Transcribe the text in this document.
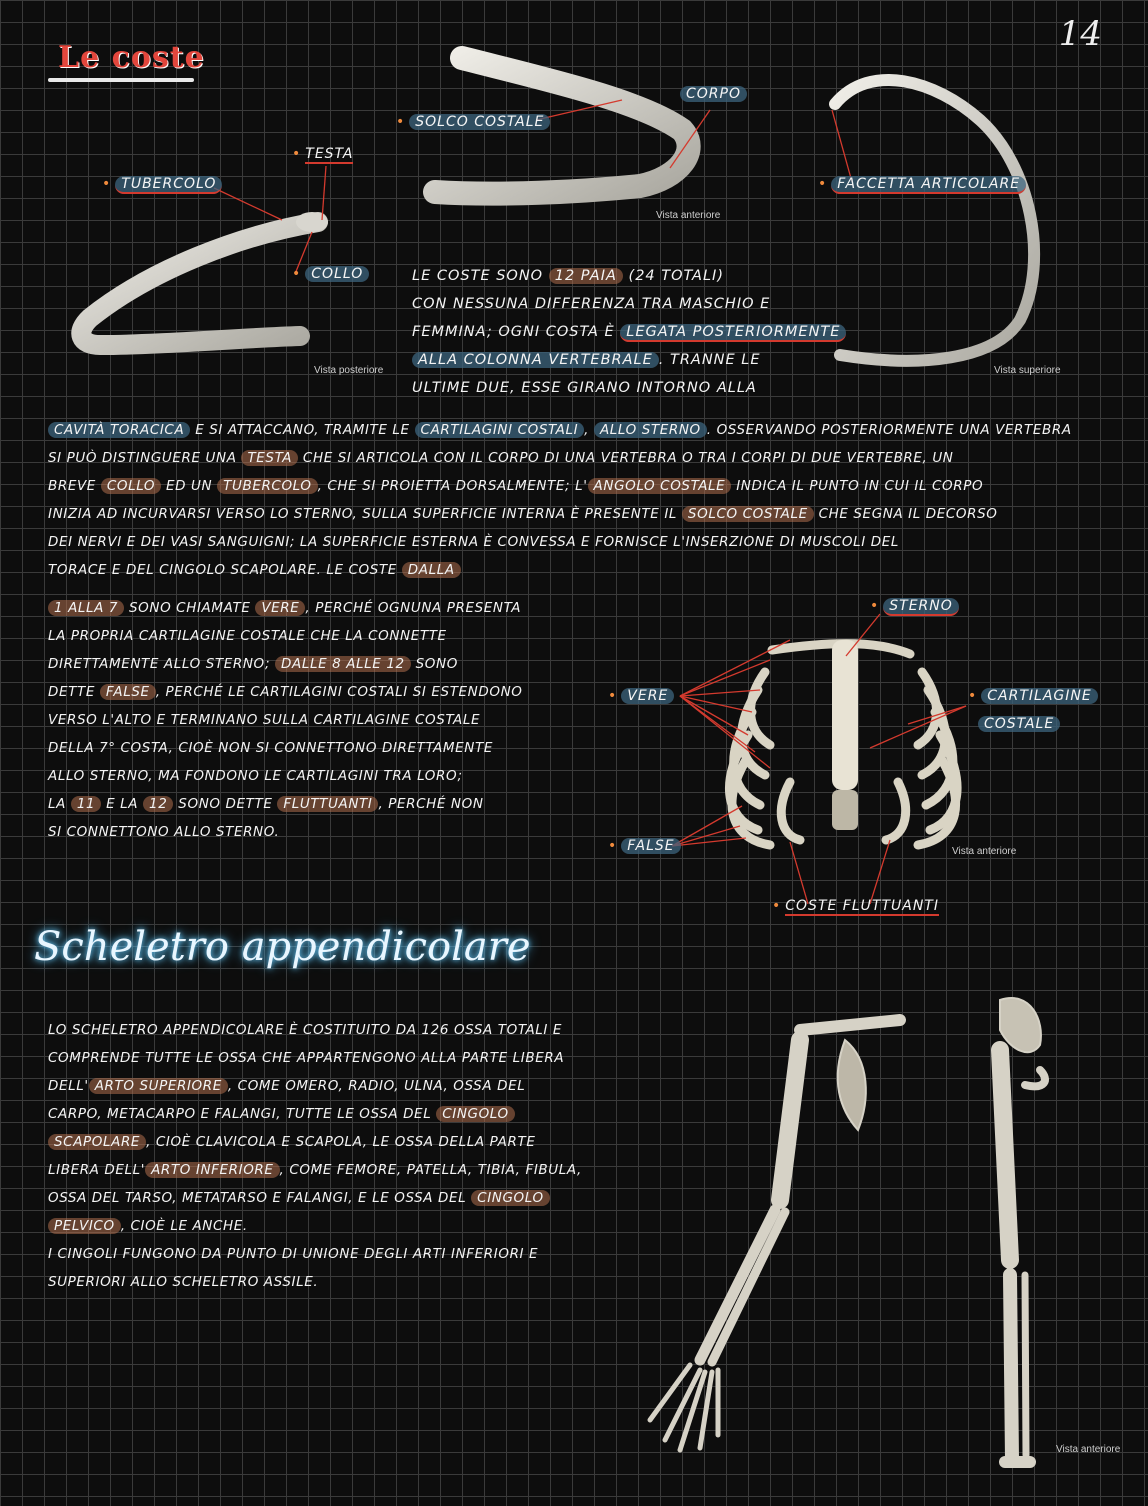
14
Le coste
• TUBERCOLO
• TESTA
• COLLO
• SOLCO COSTALE
CORPO
• FACCETTA ARTICOLARE
Vista posteriore
Vista anteriore
Vista superiore
• STERNO
• VERE
• FALSE
• CARTILAGINE
COSTALE
• COSTE FLUTTUANTI
Vista anteriore

LE COSTE SONO 12 PAIA (24 TOTALI)

CON NESSUNA DIFFERENZA TRA MASCHIO E

FEMMINA; OGNI COSTA È LEGATA POSTERIORMENTE

ALLA COLONNA VERTEBRALE . TRANNE LE

ULTIME DUE, ESSE GIRANO INTORNO ALLA

CAVITÀ TORACICA E SI ATTACCANO, TRAMITE LE CARTILAGINI COSTALI , ALLO STERNO . OSSERVANDO POSTERIORMENTE UNA VERTEBRA

SI PUÒ DISTINGUERE UNA TESTA CHE SI ARTICOLA CON IL CORPO DI UNA VERTEBRA O TRA I CORPI DI DUE VERTEBRE, UN

BREVE COLLO ED UN TUBERCOLO , CHE SI PROIETTA DORSALMENTE; L' ANGOLO COSTALE INDICA IL PUNTO IN CUI IL CORPO

INIZIA AD INCURVARSI VERSO LO STERNO, SULLA SUPERFICIE INTERNA È PRESENTE IL SOLCO COSTALE CHE SEGNA IL DECORSO

DEI NERVI E DEI VASI SANGUIGNI; LA SUPERFICIE ESTERNA È CONVESSA E FORNISCE L'INSERZIONE DI MUSCOLI DEL

TORACE E DEL CINGOLO SCAPOLARE. LE COSTE DALLA

1 ALLA 7 SONO CHIAMATE VERE , PERCHÉ OGNUNA PRESENTA

LA PROPRIA CARTILAGINE COSTALE CHE LA CONNETTE

DIRETTAMENTE ALLO STERNO; DALLE 8 ALLE 12 SONO

DETTE FALSE , PERCHÉ LE CARTILAGINI COSTALI SI ESTENDONO

VERSO L'ALTO E TERMINANO SULLA CARTILAGINE COSTALE

DELLA 7° COSTA, CIOÈ NON SI CONNETTONO DIRETTAMENTE

ALLO STERNO, MA FONDONO LE CARTILAGINI TRA LORO;

LA 11 E LA 12 SONO DETTE FLUTTUANTI , PERCHÉ NON

SI CONNETTONO ALLO STERNO.

Scheletro appendicolare

LO SCHELETRO APPENDICOLARE È COSTITUITO DA 126 OSSA TOTALI E

COMPRENDE TUTTE LE OSSA CHE APPARTENGONO ALLA PARTE LIBERA

DELL' ARTO SUPERIORE , COME OMERO, RADIO, ULNA, OSSA DEL

CARPO, METACARPO E FALANGI, TUTTE LE OSSA DEL CINGOLO

SCAPOLARE , CIOÈ CLAVICOLA E SCAPOLA, LE OSSA DELLA PARTE

LIBERA DELL' ARTO INFERIORE , COME FEMORE, PATELLA, TIBIA, FIBULA,

OSSA DEL TARSO, METATARSO E FALANGI, E LE OSSA DEL CINGOLO

PELVICO , CIOÈ LE ANCHE.

I CINGOLI FUNGONO DA PUNTO DI UNIONE DEGLI ARTI INFERIORI E

SUPERIORI ALLO SCHELETRO ASSILE.

Vista anteriore
